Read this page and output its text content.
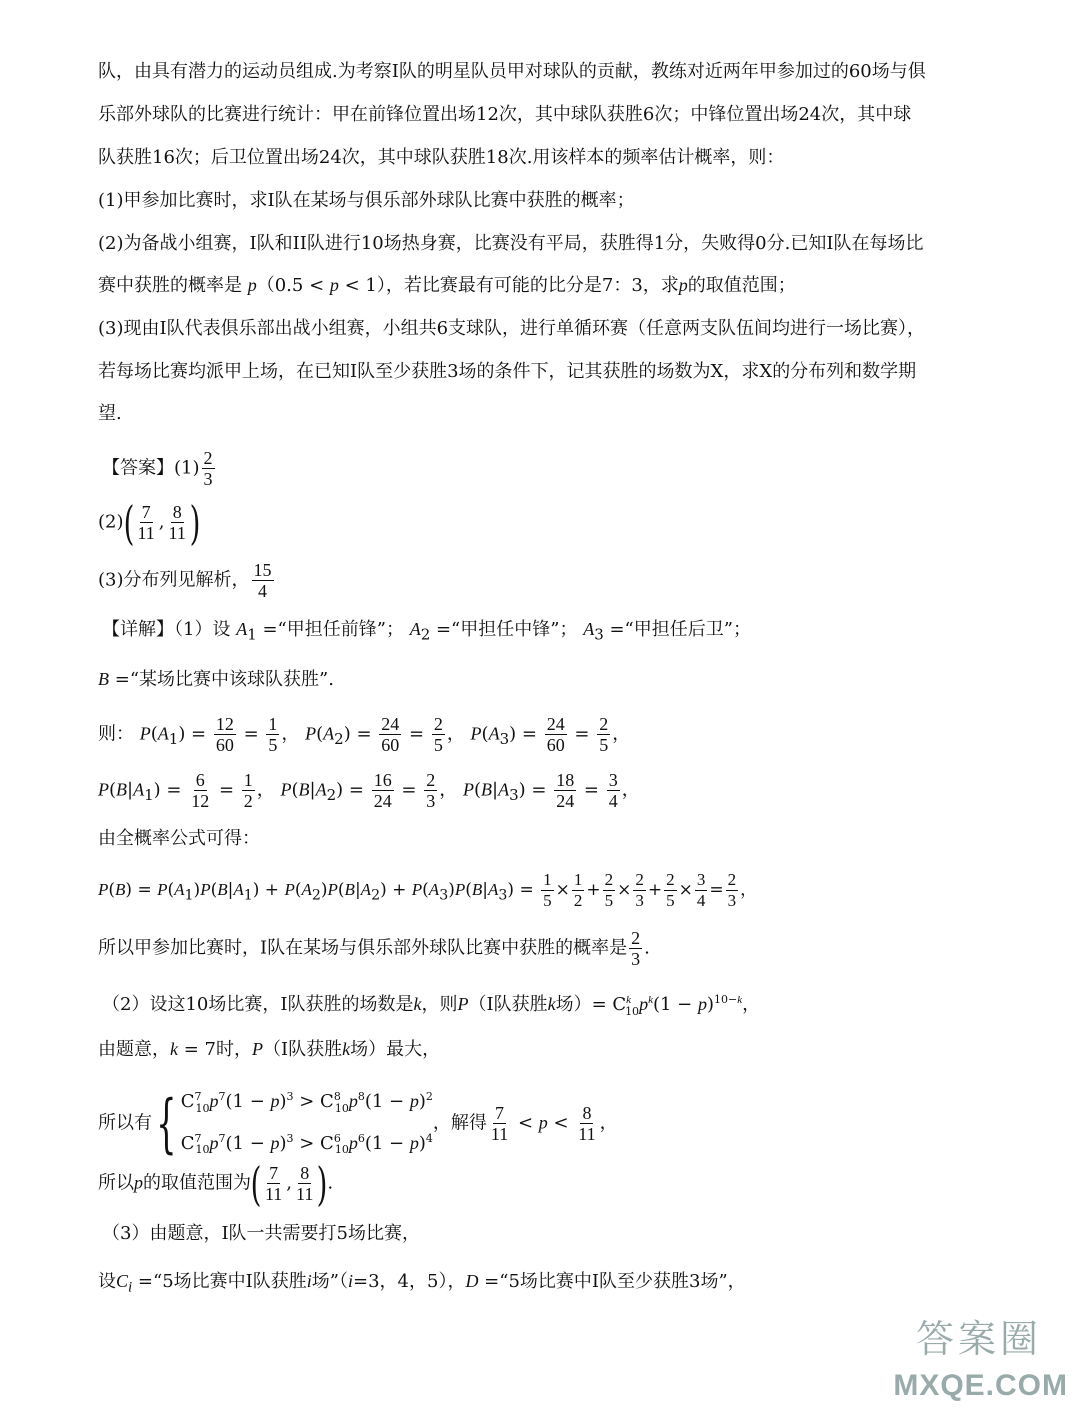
队，由具有潜力的运动员组成.为考察I队的明星队员甲对球队的贡献，教练对近两年甲参加过的60场与俱
乐部外球队的比赛进行统计：甲在前锋位置出场12次，其中球队获胜6次；中锋位置出场24次，其中球
队获胜16次；后卫位置出场24次，其中球队获胜18次.用该样本的频率估计概率，则：
(1)甲参加比赛时，求I队在某场与俱乐部外球队比赛中获胜的概率；
(2)为备战小组赛，I队和II队进行10场热身赛，比赛没有平局，获胜得1分，失败得0分.已知I队在每场比
赛中获胜的概率是 p（0.5 < p < 1），若比赛最有可能的比分是7：3，求p的取值范围；
(3)现由I队代表俱乐部出战小组赛，小组共6支球队，进行单循环赛（任意两支队伍间均进行一场比赛），
若每场比赛均派甲上场，在已知I队至少获胜3场的条件下，记其获胜的场数为X，求X的分布列和数学期
望.
【答案】$(1) \frac{2}{3}$
$(2)( \frac{7}{11}$ , $\frac{8}{11}$ )
(3)分布列见解析， $\frac{15}{4}$
【详解】（1）设 $A_1$ =“甲担任前锋”； $A_2$ =“甲担任中锋”； $A_3$ =“甲担任后卫”；
B =“某场比赛中该球队获胜”.
则： $P(A_1) = \frac{12}{60} = \frac{1}{5}$ ， $P(A_2) = \frac{24}{60} = \frac{2}{5}$ ， $P(A_3) = \frac{24}{60} = \frac{2}{5}$ ，
$P(B|A_1) = \frac{6}{12} = \frac{1}{2}$ ， $P(B|A_2) = \frac{16}{24} = \frac{2}{3}$ ， $P(B|A_3) = \frac{18}{24} = \frac{3}{4}$ ，
由全概率公式可得：
$P(B) = P(A_1)P(B|A_1) + P(A_2)P(B|A_2) + P(A_3)P(B|A_3) = \frac{1}{5} \times \frac{1}{2} + \frac{2}{5} \times \frac{2}{3} + \frac{2}{5} \times \frac{3}{4} = \frac{2}{3}$ ，
所以甲参加比赛时，I队在某场与俱乐部外球队比赛中获胜的概率是 $\frac{2}{3}$ .
（2）设这10场比赛，I队获胜的场数是k，则P（I队获胜k场）= $C^k_{10}p^k(1 - p)^{10-k}$，
由题意，k = 7时，P（I队获胜k场）最大，
所以有{ $C^7_{10}p^7(1 - p)^3 > C^8_{10}p^8(1 - p)^2$
$C^7_{10}p^7(1 - p)^3 > C^6_{10}p^6(1 - p)^4$
，解得 $\frac{7}{11} < p < \frac{8}{11}$ ，
所以p的取值范围为( $\frac{7}{11}$ , $\frac{8}{11}$ ).
（3）由题意，I队一共需要打5场比赛，
设$C_i$ =“5场比赛中I队获胜i场”（i=3，4，5），D =“5场比赛中I队至少获胜3场”，
答案圈
MXQE.COM
